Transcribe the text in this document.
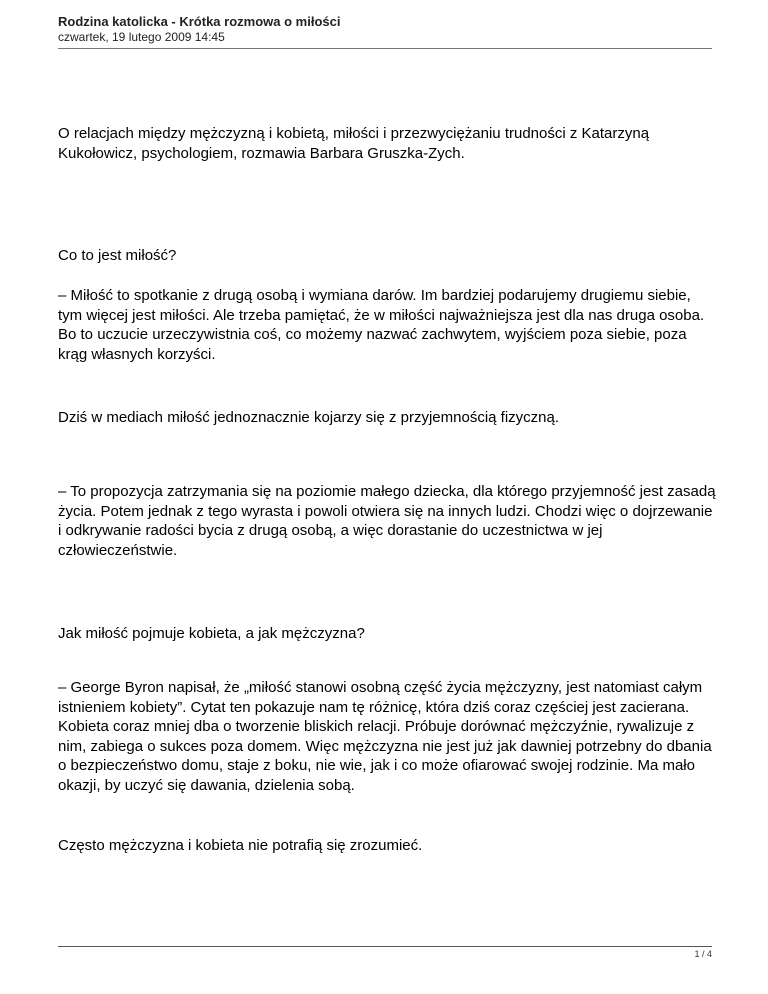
Rodzina katolicka - Krótka rozmowa o miłości
czwartek, 19 lutego 2009 14:45

O relacjach między mężczyzną i kobietą, miłości i przezwyciężaniu trudności z Katarzyną Kukołowicz, psychologiem, rozmawia Barbara Gruszka-Zych.

Co to jest miłość?

– Miłość to spotkanie z drugą osobą i wymiana darów. Im bardziej podarujemy drugiemu siebie, tym więcej jest miłości. Ale trzeba pamiętać, że w miłości najważniejsza jest dla nas druga osoba. Bo to uczucie urzeczywistnia coś, co możemy nazwać zachwytem, wyjściem poza siebie, poza krąg własnych korzyści.

Dziś w mediach miłość jednoznacznie kojarzy się z przyjemnością fizyczną.

– To propozycja zatrzymania się na poziomie małego dziecka, dla którego przyjemność jest zasadą życia. Potem jednak z tego wyrasta i powoli otwiera się na innych ludzi. Chodzi więc o dojrzewanie i odkrywanie radości bycia z drugą osobą, a więc dorastanie do uczestnictwa w jej człowieczeństwie.

Jak miłość pojmuje kobieta, a jak mężczyzna?

– George Byron napisał, że „miłość stanowi osobną część życia mężczyzny, jest natomiast całym istnieniem kobiety”. Cytat ten pokazuje nam tę różnicę, która dziś coraz częściej jest zacierana. Kobieta coraz mniej dba o tworzenie bliskich relacji. Próbuje dorównać mężczyźnie, rywalizuje z nim, zabiega o sukces poza domem. Więc mężczyzna nie jest już jak dawniej potrzebny do dbania o bezpieczeństwo domu, staje z boku, nie wie, jak i co może ofiarować swojej rodzinie. Ma mało okazji, by uczyć się dawania, dzielenia sobą.

Często mężczyzna i kobieta nie potrafią się zrozumieć.

1 / 4
